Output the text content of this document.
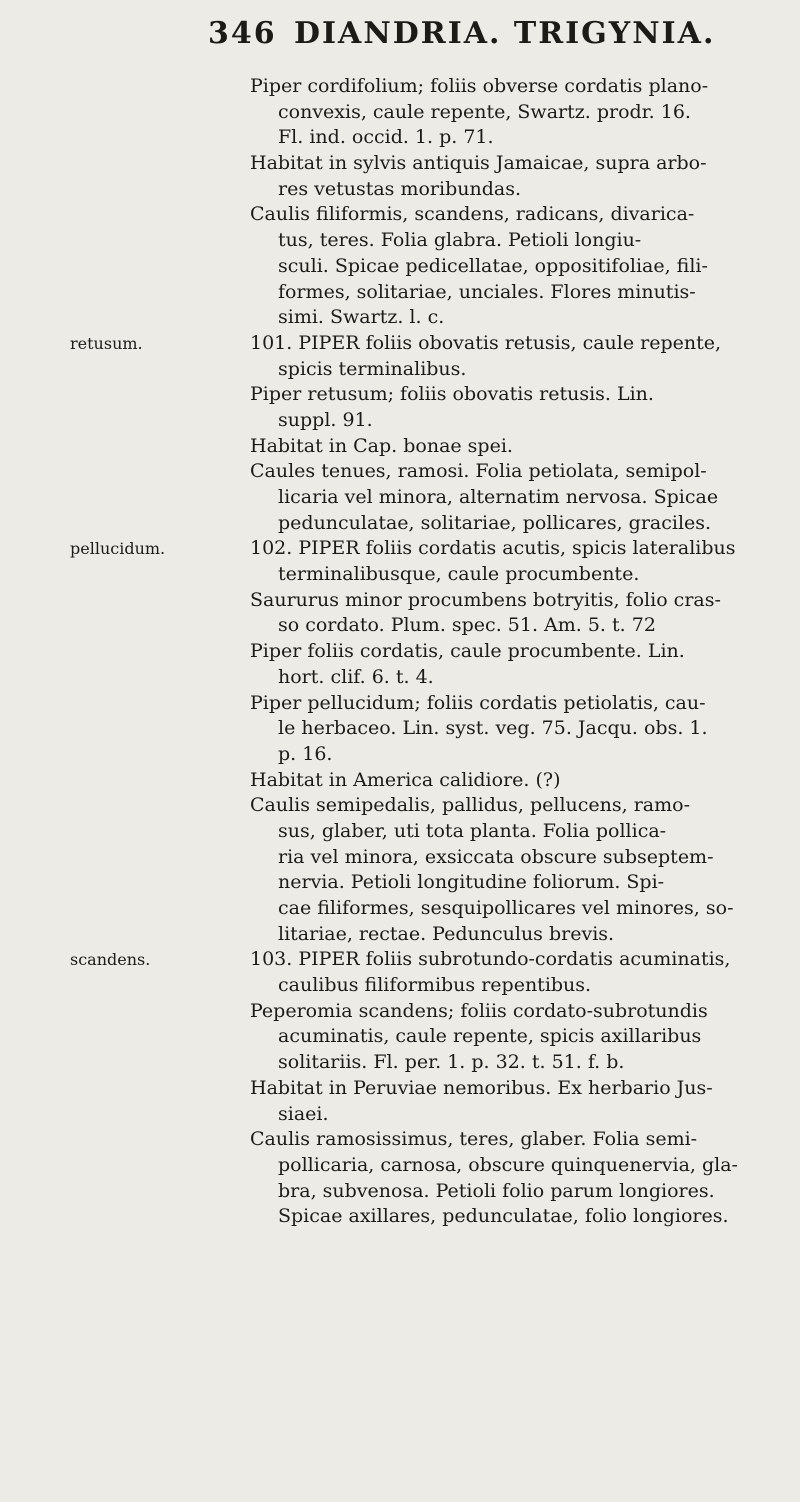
346 DIANDRIA. TRIGYNIA.
Piper cordifolium; foliis obverse cordatis plano-
convexis, caule repente, Swartz. prodr. 16.
Fl. ind. occid. 1. p. 71.
Habitat in sylvis antiquis Jamaicae, supra arbo-
res vetustas moribundas.
Caulis filiformis, scandens, radicans, divarica-
tus, teres. Folia glabra. Petioli longiu-
sculi. Spicae pedicellatae, oppositifoliae, fili-
formes, solitariae, unciales. Flores minutis-
simi. Swartz. l. c.
101. PIPER foliis obovatis retusis, caule repente,
retusum.
spicis terminalibus.
Piper retusum; foliis obovatis retusis. Lin.
suppl. 91.
Habitat in Cap. bonae spei.
Caules tenues, ramosi. Folia petiolata, semipol-
licaria vel minora, alternatim nervosa. Spicae
pedunculatae, solitariae, pollicares, graciles.
102. PIPER foliis cordatis acutis, spicis lateralibus
pellucidum.
terminalibusque, caule procumbente.
Saururus minor procumbens botryitis, folio cras-
so cordato. Plum. spec. 51. Am. 5. t. 72
Piper foliis cordatis, caule procumbente. Lin.
hort. clif. 6. t. 4.
Piper pellucidum; foliis cordatis petiolatis, cau-
le herbaceo. Lin. syst. veg. 75. Jacqu. obs. 1.
p. 16.
Habitat in America calidiore. (?)
Caulis semipedalis, pallidus, pellucens, ramo-
sus, glaber, uti tota planta. Folia pollica-
ria vel minora, exsiccata obscure subseptem-
nervia. Petioli longitudine foliorum. Spi-
cae filiformes, sesquipollicares vel minores, so-
litariae, rectae. Pedunculus brevis.
103. PIPER foliis subrotundo-cordatis acuminatis,
scandens.
caulibus filiformibus repentibus.
Peperomia scandens; foliis cordato-subrotundis
acuminatis, caule repente, spicis axillaribus
solitariis. Fl. per. 1. p. 32. t. 51. f. b.
Habitat in Peruviae nemoribus. Ex herbario Jus-
siaei.
Caulis ramosissimus, teres, glaber. Folia semi-
pollicaria, carnosa, obscure quinquenervia, gla-
bra, subvenosa. Petioli folio parum longiores.
Spicae axillares, pedunculatae, folio longiores.
